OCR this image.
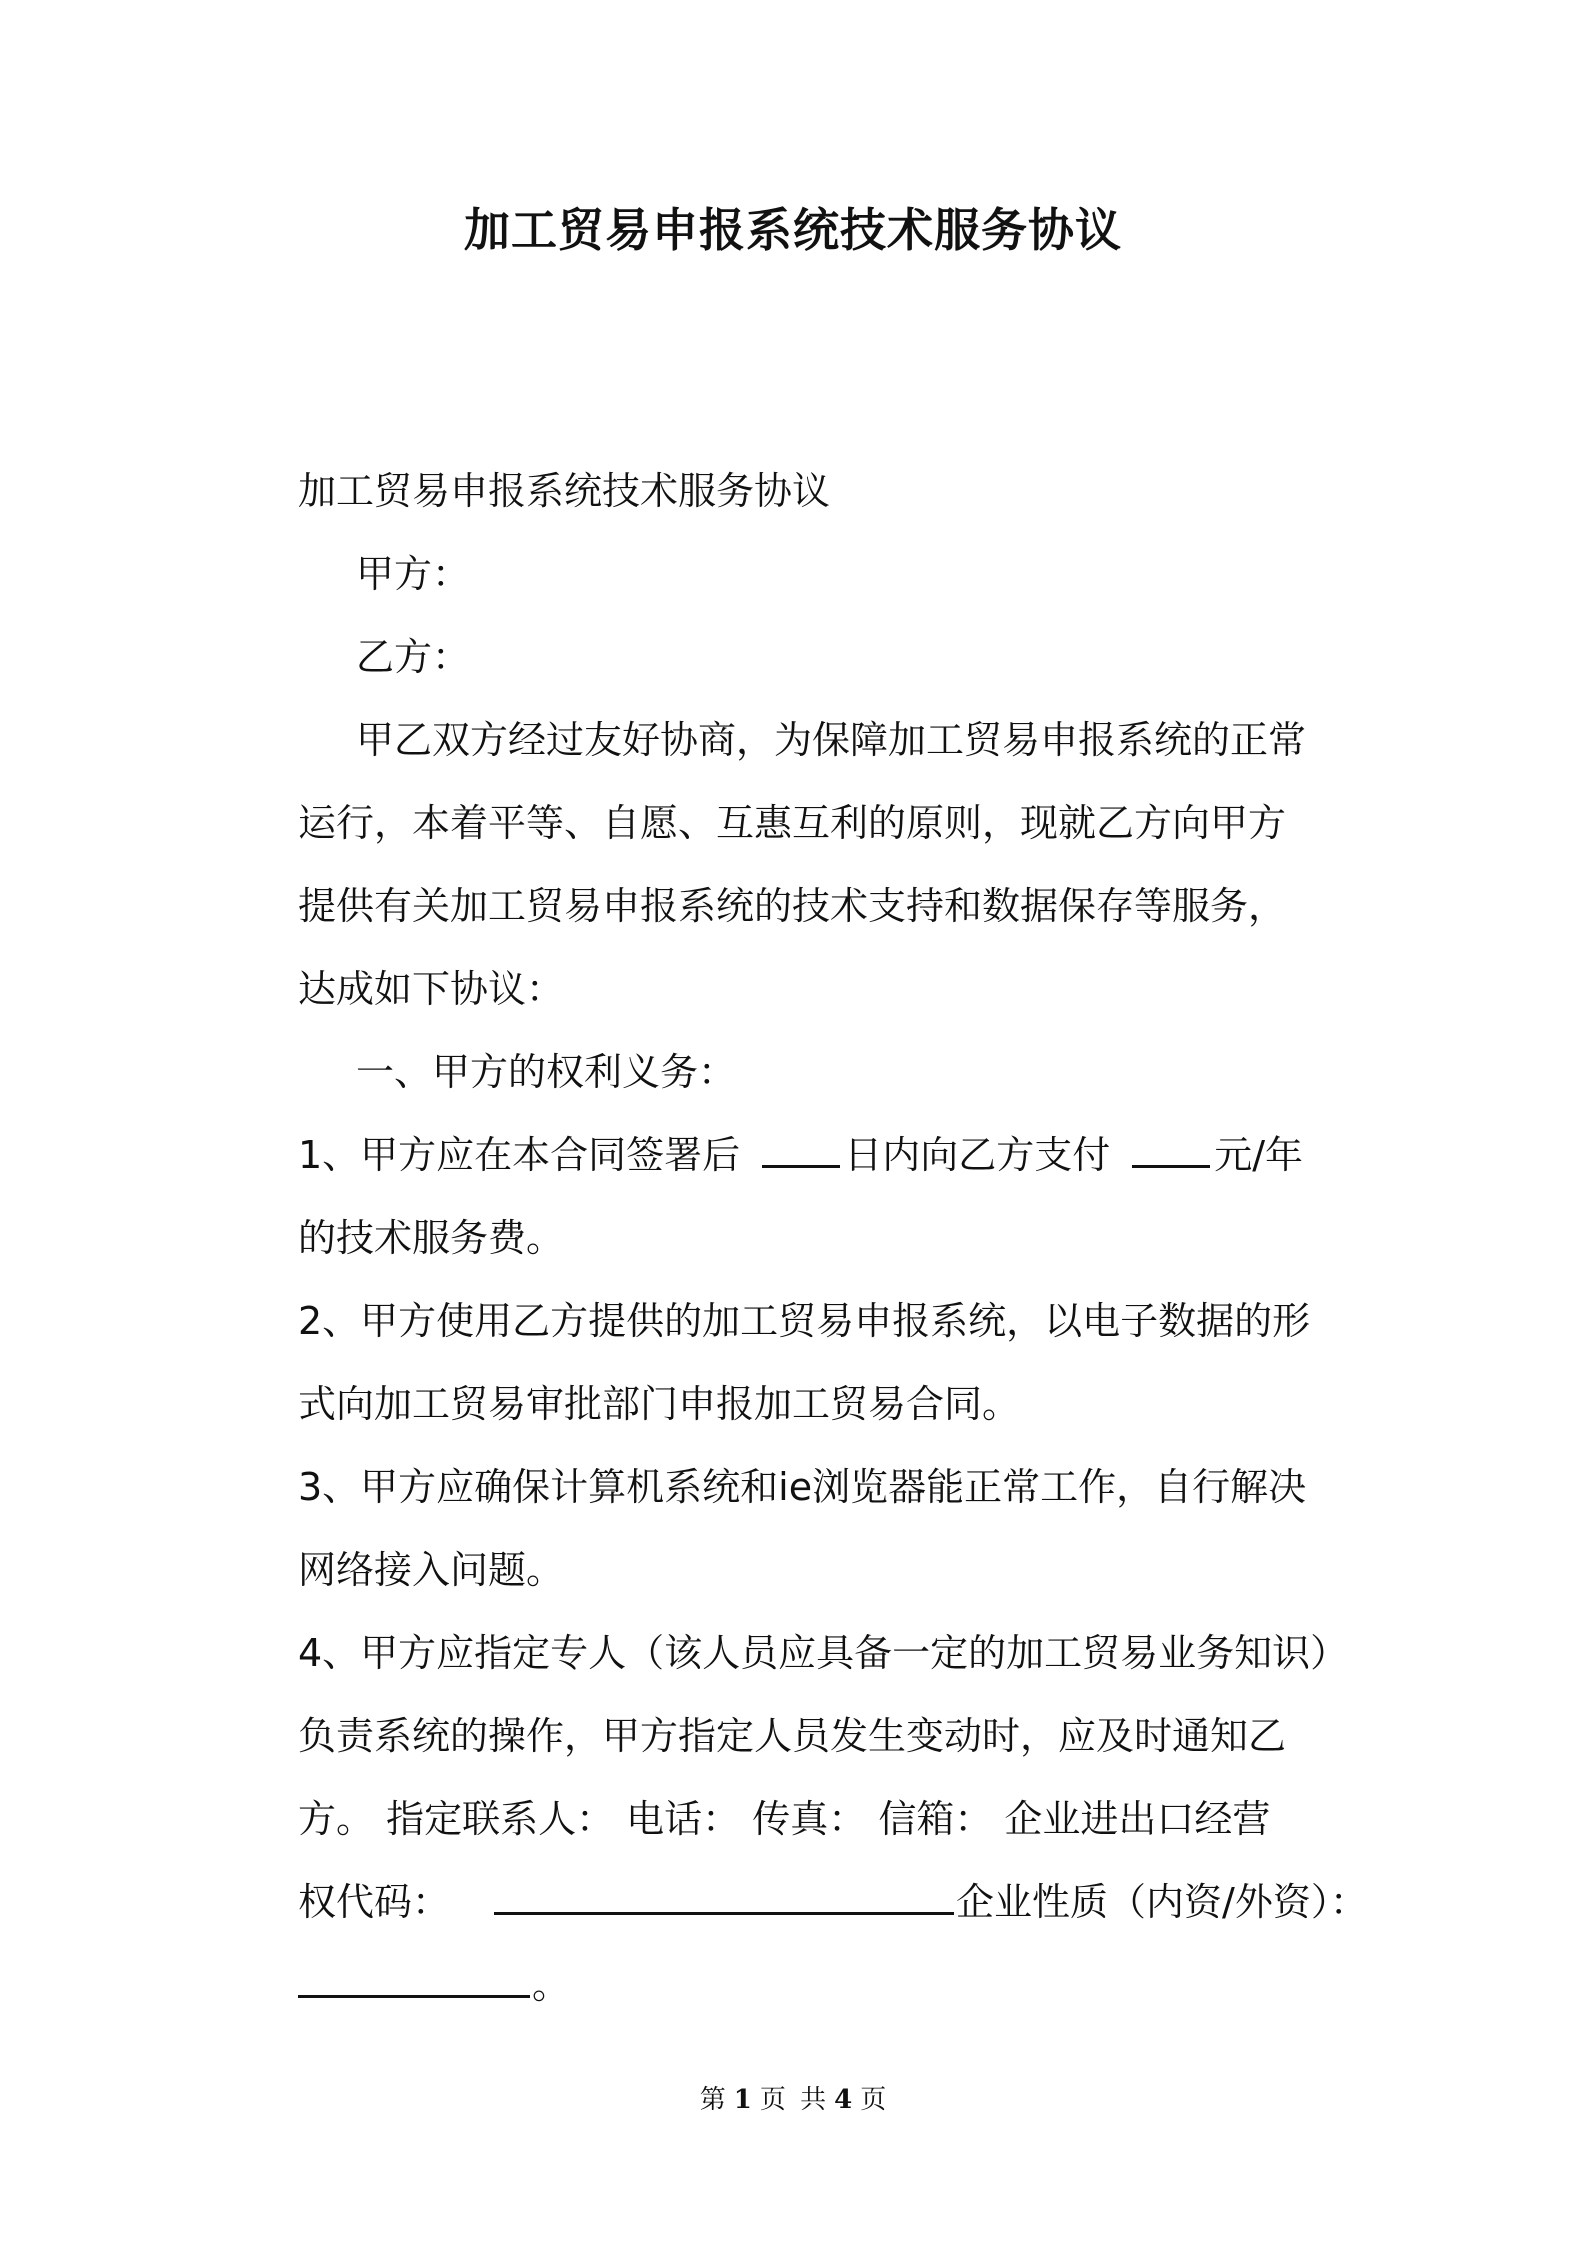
加工贸易申报系统技术服务协议

加工贸易申报系统技术服务协议

甲方：

乙方：

甲乙双方经过友好协商，为保障加工贸易申报系统的正常

运行，本着平等、自愿、互惠互利的原则，现就乙方向甲方

提供有关加工贸易申报系统的技术支持和数据保存等服务，

达成如下协议：

一、甲方的权利义务：

1、甲方应在本合同签署后	日内向乙方支付	元/年

的技术服务费。

2、甲方使用乙方提供的加工贸易申报系统，以电子数据的形

式向加工贸易审批部门申报加工贸易合同。

3、甲方应确保计算机系统和ie浏览器能正常工作，自行解决

网络接入问题。

4、甲方应指定专人（该人员应具备一定的加工贸易业务知识）

负责系统的操作，甲方指定人员发生变动时，应及时通知乙

方。 指定联系人： 电话： 传真： 信箱： 企业进出口经营

权代码：	企业性质（内资/外资）：

。

第 1 页 共 4 页
